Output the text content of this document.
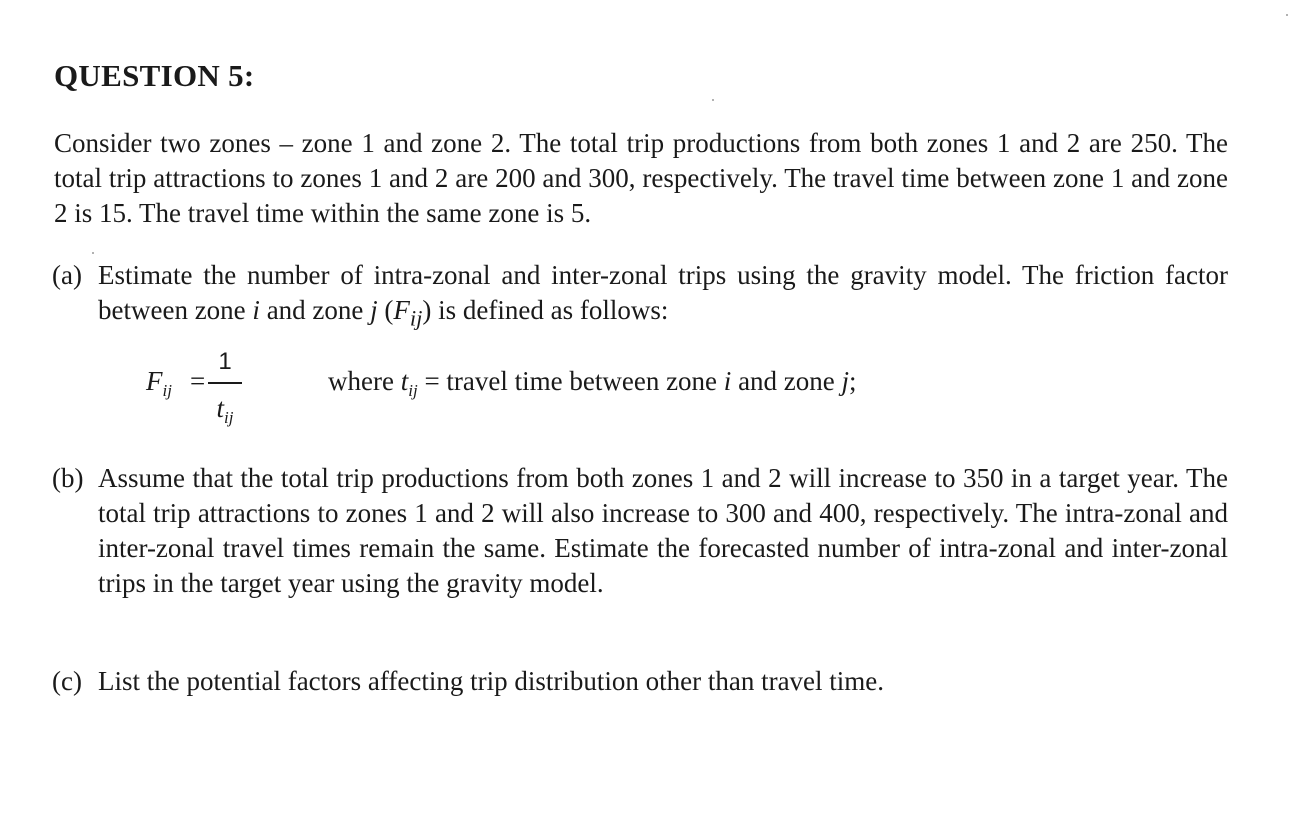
QUESTION 5:

Consider two zones – zone 1 and zone 2. The total trip productions from both zones 1 and 2 are 250. The total trip attractions to zones 1 and 2 are 200 and 300, respectively. The travel time between zone 1 and zone 2 is 15. The travel time within the same zone is 5.

(a) Estimate the number of intra-zonal and inter-zonal trips using the gravity model. The friction factor between zone i and zone j $(F_{ij})$ is defined as follows:
$F_{ij}$ =
1
$t_{ij}$
where $t_{ij}$ = travel time between zone i and zone j;
(b) Assume that the total trip productions from both zones 1 and 2 will increase to 350 in a target year. The total trip attractions to zones 1 and 2 will also increase to 300 and 400, respectively. The intra-zonal and inter-zonal travel times remain the same. Estimate the forecasted number of intra-zonal and inter-zonal trips in the target year using the gravity model.
(c) List the potential factors affecting trip distribution other than travel time.
